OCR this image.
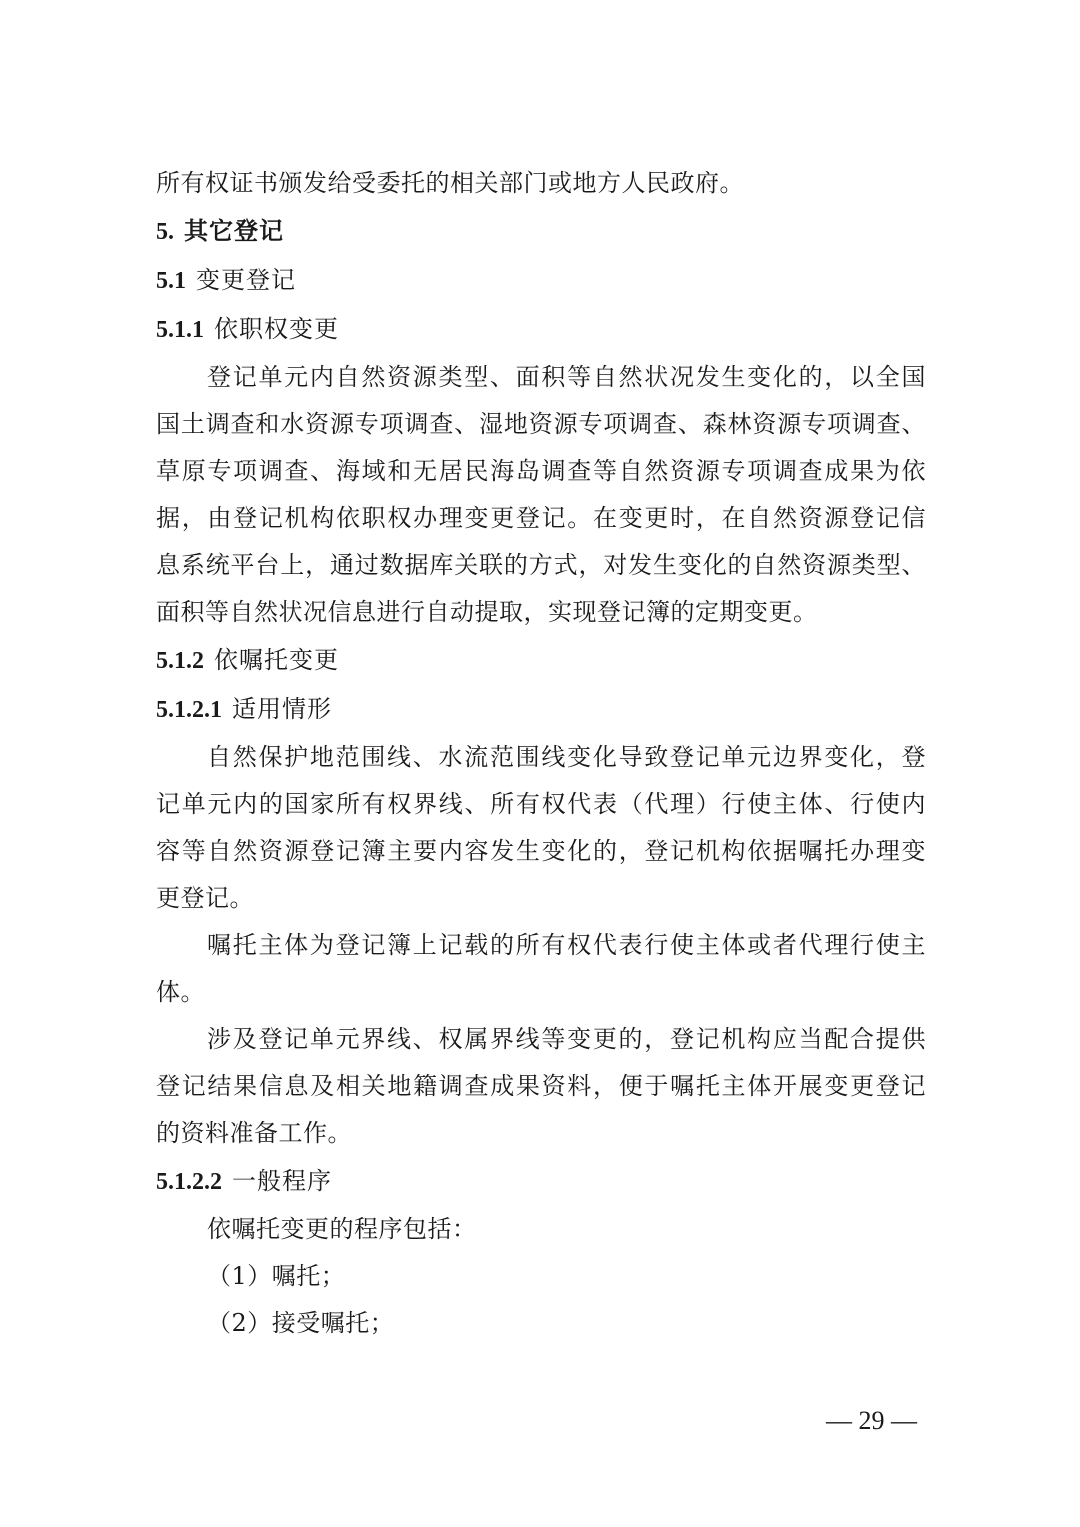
所有权证书颁发给受委托的相关部门或地方人民政府。

5. 其它登记

5.1 变更登记

5.1.1 依职权变更

登记单元内自然资源类型、面积等自然状况发生变化的，以全国

国土调查和水资源专项调查、湿地资源专项调查、森林资源专项调查、

草原专项调查、海域和无居民海岛调查等自然资源专项调查成果为依

据，由登记机构依职权办理变更登记。在变更时，在自然资源登记信

息系统平台上，通过数据库关联的方式，对发生变化的自然资源类型、

面积等自然状况信息进行自动提取，实现登记簿的定期变更。

5.1.2 依嘱托变更

5.1.2.1 适用情形

自然保护地范围线、水流范围线变化导致登记单元边界变化，登

记单元内的国家所有权界线、所有权代表（代理）行使主体、行使内

容等自然资源登记簿主要内容发生变化的，登记机构依据嘱托办理变

更登记。

嘱托主体为登记簿上记载的所有权代表行使主体或者代理行使主

体。

涉及登记单元界线、权属界线等变更的，登记机构应当配合提供

登记结果信息及相关地籍调查成果资料，便于嘱托主体开展变更登记

的资料准备工作。

5.1.2.2 一般程序

依嘱托变更的程序包括：

（1）嘱托；

（2）接受嘱托；

— 29 —
